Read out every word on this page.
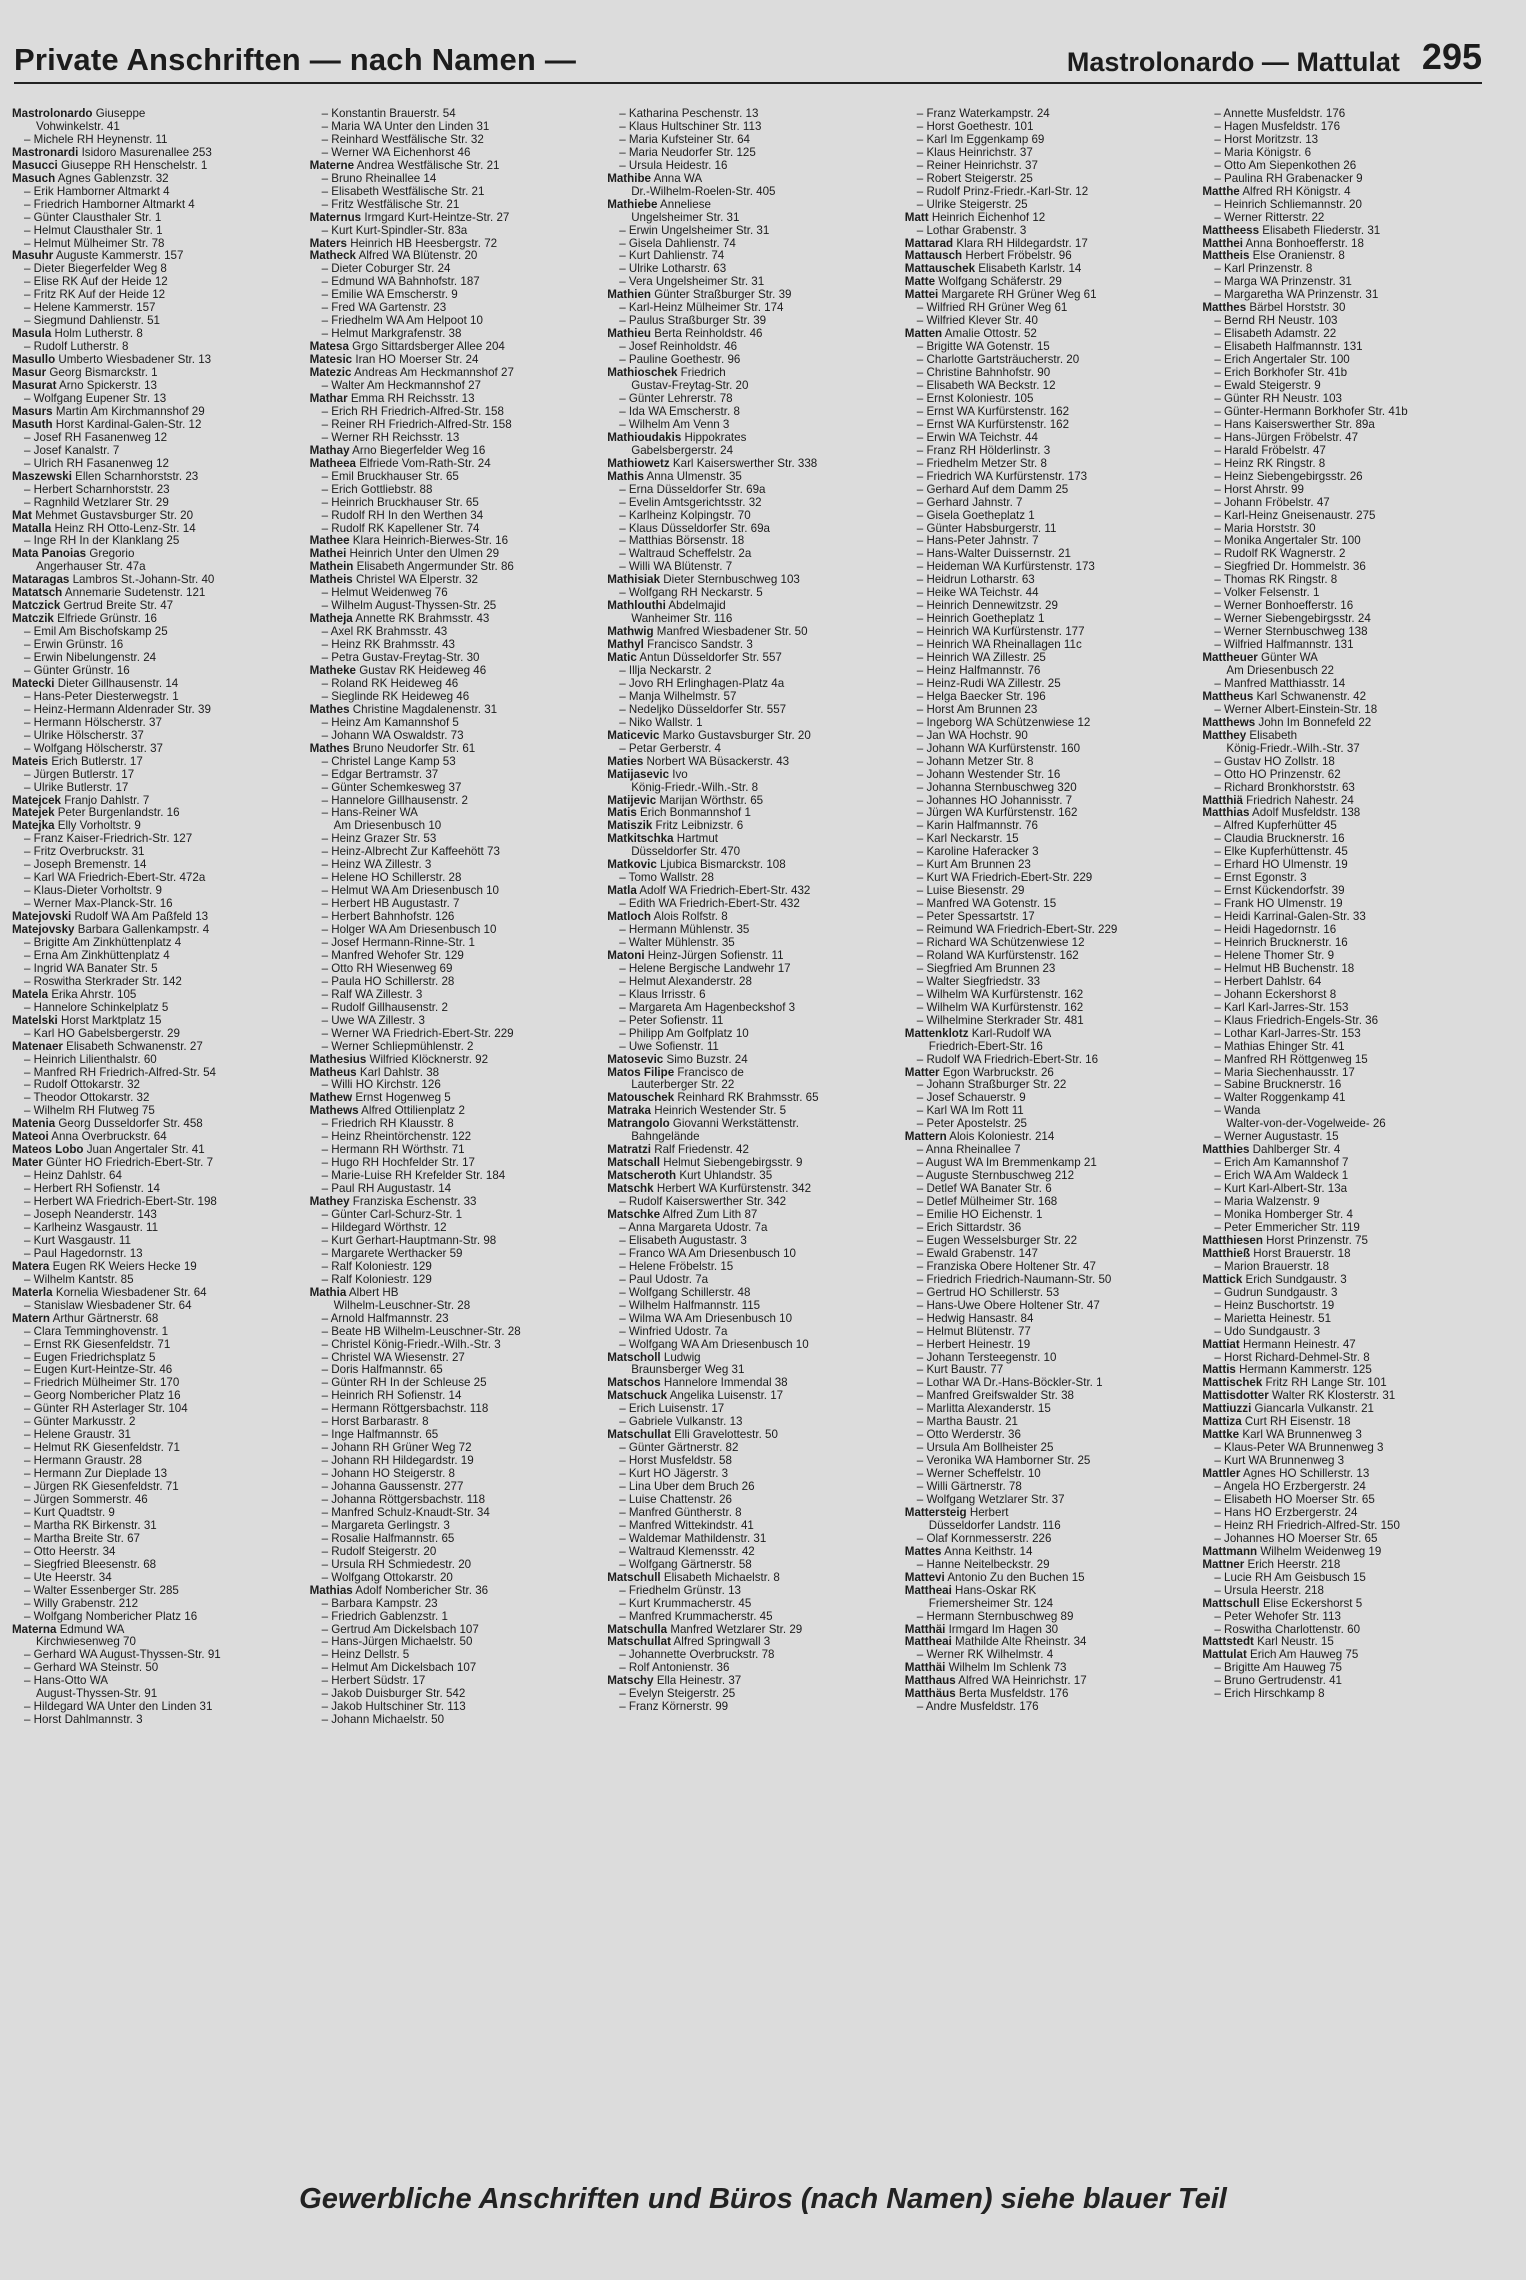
Private Anschriften — nach Namen —	Mastrolonardo — Mattulat 295
Mastrolonardo Giuseppe
Vohwinkelstr. 41
– Michele RH Heynenstr. 11
Mastronardi Isidoro Masurenallee 253
Masucci Giuseppe RH Henschelstr. 1
Masuch Agnes Gablenzstr. 32
– Erik Hamborner Altmarkt 4
– Friedrich Hamborner Altmarkt 4
– Günter Clausthaler Str. 1
– Helmut Clausthaler Str. 1
– Helmut Mülheimer Str. 78
Masuhr Auguste Kammerstr. 157
– Dieter Biegerfelder Weg 8
– Elise RK Auf der Heide 12
– Fritz RK Auf der Heide 12
– Helene Kammerstr. 157
– Siegmund Dahlienstr. 51
Masula Holm Lutherstr. 8
– Rudolf Lutherstr. 8
Masullo Umberto Wiesbadener Str. 13
Masur Georg Bismarckstr. 1
Masurat Arno Spickerstr. 13
– Wolfgang Eupener Str. 13
Masurs Martin Am Kirchmannshof 29
Masuth Horst Kardinal-Galen-Str. 12
– Josef RH Fasanenweg 12
– Josef Kanalstr. 7
– Ulrich RH Fasanenweg 12
Maszewski Ellen Scharnhorststr. 23
– Herbert Scharnhorststr. 23
– Ragnhild Wetzlarer Str. 29
Mat Mehmet Gustavsburger Str. 20
Matalla Heinz RH Otto-Lenz-Str. 14
– Inge RH In der Klanklang 25
Mata Panoias Gregorio
Angerhauser Str. 47a
Mataragas Lambros St.-Johann-Str. 40
Matatsch Annemarie Sudetenstr. 121
Matczick Gertrud Breite Str. 47
Matczik Elfriede Grünstr. 16
– Emil Am Bischofskamp 25
– Erwin Grünstr. 16
– Erwin Nibelungenstr. 24
– Günter Grünstr. 16
Matecki Dieter Gillhausenstr. 14
– Hans-Peter Diesterwegstr. 1
– Heinz-Hermann Aldenrader Str. 39
– Hermann Hölscherstr. 37
– Ulrike Hölscherstr. 37
– Wolfgang Hölscherstr. 37
Mateis Erich Butlerstr. 17
– Jürgen Butlerstr. 17
– Ulrike Butlerstr. 17
Matejcek Franjo Dahlstr. 7
Matejek Peter Burgenlandstr. 16
Matejka Elly Vorholtstr. 9
– Franz Kaiser-Friedrich-Str. 127
– Fritz Overbruckstr. 31
– Joseph Bremenstr. 14
– Karl WA Friedrich-Ebert-Str. 472a
– Klaus-Dieter Vorholtstr. 9
– Werner Max-Planck-Str. 16
Matejovski Rudolf WA Am Paßfeld 13
Matejovsky Barbara Gallenkampstr. 4
– Brigitte Am Zinkhüttenplatz 4
– Erna Am Zinkhüttenplatz 4
– Ingrid WA Banater Str. 5
– Roswitha Sterkrader Str. 142
Matela Erika Ahrstr. 105
– Hannelore Schinkelplatz 5
Matelski Horst Marktplatz 15
– Karl HO Gabelsbergerstr. 29
Matenaer Elisabeth Schwanenstr. 27
– Heinrich Lilienthalstr. 60
– Manfred RH Friedrich-Alfred-Str. 54
– Rudolf Ottokarstr. 32
– Theodor Ottokarstr. 32
– Wilhelm RH Flutweg 75
Matenia Georg Dusseldorfer Str. 458
Mateoi Anna Overbruckstr. 64
Mateos Lobo Juan Angertaler Str. 41
Mater Günter HO Friedrich-Ebert-Str. 7
– Heinz Dahlstr. 64
– Herbert RH Sofienstr. 14
– Herbert WA Friedrich-Ebert-Str. 198
– Joseph Neanderstr. 143
– Karlheinz Wasgaustr. 11
– Kurt Wasgaustr. 11
– Paul Hagedornstr. 13
Matera Eugen RK Weiers Hecke 19
– Wilhelm Kantstr. 85
Materla Kornelia Wiesbadener Str. 64
– Stanislaw Wiesbadener Str. 64
Matern Arthur Gärtnerstr. 68
– Clara Temminghovenstr. 1
– Ernst RK Giesenfeldstr. 71
– Eugen Friedrichsplatz 5
– Eugen Kurt-Heintze-Str. 46
– Friedrich Mülheimer Str. 170
– Georg Nombericher Platz 16
– Günter RH Asterlager Str. 104
– Günter Markusstr. 2
– Helene Graustr. 31
– Helmut RK Giesenfeldstr. 71
– Hermann Graustr. 28
– Hermann Zur Dieplade 13
– Jürgen RK Giesenfeldstr. 71
– Jürgen Sommerstr. 46
– Kurt Quadtstr. 9
– Martha RK Birkenstr. 31
– Martha Breite Str. 67
– Otto Heerstr. 34
– Siegfried Bleesenstr. 68
– Ute Heerstr. 34
– Walter Essenberger Str. 285
– Willy Grabenstr. 212
– Wolfgang Nombericher Platz 16
Materna Edmund WA
Kirchwiesenweg 70
– Gerhard WA August-Thyssen-Str. 91
– Gerhard WA Steinstr. 50
– Hans-Otto WA
August-Thyssen-Str. 91
– Hildegard WA Unter den Linden 31
– Horst Dahlmannstr. 3
– Konstantin Brauerstr. 54
– Maria WA Unter den Linden 31
– Reinhard Westfälische Str. 32
– Werner WA Eichenhorst 46
Materne Andrea Westfälische Str. 21
– Bruno Rheinallee 14
– Elisabeth Westfälische Str. 21
– Fritz Westfälische Str. 21
Maternus Irmgard Kurt-Heintze-Str. 27
– Kurt Kurt-Spindler-Str. 83a
Maters Heinrich HB Heesbergstr. 72
Matheck Alfred WA Blütenstr. 20
– Dieter Coburger Str. 24
– Edmund WA Bahnhofstr. 187
– Emilie WA Emscherstr. 9
– Fred WA Gartenstr. 23
– Friedhelm WA Am Helpoot 10
– Helmut Markgrafenstr. 38
Matesa Grgo Sittardsberger Allee 204
Matesic Iran HO Moerser Str. 24
Matezic Andreas Am Heckmannshof 27
– Walter Am Heckmannshof 27
Mathar Emma RH Reichsstr. 13
– Erich RH Friedrich-Alfred-Str. 158
– Reiner RH Friedrich-Alfred-Str. 158
– Werner RH Reichsstr. 13
Mathay Arno Biegerfelder Weg 16
Matheea Elfriede Vom-Rath-Str. 24
– Emil Bruckhauser Str. 65
– Erich Gottliebstr. 88
– Heinrich Bruckhauser Str. 65
– Rudolf RH In den Werthen 34
– Rudolf RK Kapellener Str. 74
Mathee Klara Heinrich-Bierwes-Str. 16
Mathei Heinrich Unter den Ulmen 29
Mathein Elisabeth Angermunder Str. 86
Matheis Christel WA Elperstr. 32
– Helmut Weidenweg 76
– Wilhelm August-Thyssen-Str. 25
Matheja Annette RK Brahmsstr. 43
– Axel RK Brahmsstr. 43
– Heinz RK Brahmsstr. 43
– Petra Gustav-Freytag-Str. 30
Matheke Gustav RK Heideweg 46
– Roland RK Heideweg 46
– Sieglinde RK Heideweg 46
Mathes Christine Magdalenenstr. 31
– Heinz Am Kamannshof 5
– Johann WA Oswaldstr. 73
Mathes Bruno Neudorfer Str. 61
– Christel Lange Kamp 53
– Edgar Bertramstr. 37
– Günter Schemkesweg 37
– Hannelore Gillhausenstr. 2
– Hans-Reiner WA
Am Driesenbusch 10
– Heinz Grazer Str. 53
– Heinz-Albrecht Zur Kaffeehött 73
– Heinz WA Zillestr. 3
– Helene HO Schillerstr. 28
– Helmut WA Am Driesenbusch 10
– Herbert HB Augustastr. 7
– Herbert Bahnhofstr. 126
– Holger WA Am Driesenbusch 10
– Josef Hermann-Rinne-Str. 1
– Manfred Wehofer Str. 129
– Otto RH Wiesenweg 69
– Paula HO Schillerstr. 28
– Ralf WA Zillestr. 3
– Rudolf Gillhausenstr. 2
– Uwe WA Zillestr. 3
– Werner WA Friedrich-Ebert-Str. 229
– Werner Schliepmühlenstr. 2
Mathesius Wilfried Klöcknerstr. 92
Matheus Karl Dahlstr. 38
– Willi HO Kirchstr. 126
Mathew Ernst Hogenweg 5
Mathews Alfred Ottilienplatz 2
– Friedrich RH Klausstr. 8
– Heinz Rheintörchenstr. 122
– Hermann RH Wörthstr. 71
– Hugo RH Hochfelder Str. 17
– Marie-Luise RH Krefelder Str. 184
– Paul RH Augustastr. 14
Mathey Franziska Eschenstr. 33
– Günter Carl-Schurz-Str. 1
– Hildegard Wörthstr. 12
– Kurt Gerhart-Hauptmann-Str. 98
– Margarete Werthacker 59
– Ralf Koloniestr. 129
– Ralf Koloniestr. 129
Mathia Albert HB
Wilhelm-Leuschner-Str. 28
– Arnold Halfmannstr. 23
– Beate HB Wilhelm-Leuschner-Str. 28
– Christel König-Friedr.-Wilh.-Str. 3
– Christel WA Wiesenstr. 27
– Doris Halfmannstr. 65
– Günter RH In der Schleuse 25
– Heinrich RH Sofienstr. 14
– Hermann Röttgersbachstr. 118
– Horst Barbarastr. 8
– Inge Halfmannstr. 65
– Johann RH Grüner Weg 72
– Johann RH Hildegardstr. 19
– Johann HO Steigerstr. 8
– Johanna Gaussenstr. 277
– Johanna Röttgersbachstr. 118
– Manfred Schulz-Knaudt-Str. 34
– Margareta Gerlingstr. 3
– Rosalie Halfmannstr. 65
– Rudolf Steigerstr. 20
– Ursula RH Schmiedestr. 20
– Wolfgang Ottokarstr. 20
Mathias Adolf Nombericher Str. 36
– Barbara Kampstr. 23
– Friedrich Gablenzstr. 1
– Gertrud Am Dickelsbach 107
– Hans-Jürgen Michaelstr. 50
– Heinz Dellstr. 5
– Helmut Am Dickelsbach 107
– Herbert Südstr. 17
– Jakob Duisburger Str. 542
– Jakob Hultschiner Str. 113
– Johann Michaelstr. 50
– Katharina Peschenstr. 13
– Klaus Hultschiner Str. 113
– Maria Kufsteiner Str. 64
– Maria Neudorfer Str. 125
– Ursula Heidestr. 16
Mathibe Anna WA
Dr.-Wilhelm-Roelen-Str. 405
Mathiebe Anneliese
Ungelsheimer Str. 31
– Erwin Ungelsheimer Str. 31
– Gisela Dahlienstr. 74
– Kurt Dahlienstr. 74
– Ulrike Lotharstr. 63
– Vera Ungelsheimer Str. 31
Mathien Günter Straßburger Str. 39
– Karl-Heinz Mülheimer Str. 174
– Paulus Straßburger Str. 39
Mathieu Berta Reinholdstr. 46
– Josef Reinholdstr. 46
– Pauline Goethestr. 96
Mathioschek Friedrich
Gustav-Freytag-Str. 20
– Günter Lehrerstr. 78
– Ida WA Emscherstr. 8
– Wilhelm Am Venn 3
Mathioudakis Hippokrates
Gabelsbergerstr. 24
Mathiowetz Karl Kaiserswerther Str. 338
Mathis Anna Ulmenstr. 35
– Erna Düsseldorfer Str. 69a
– Evelin Amtsgerichtsstr. 32
– Karlheinz Kolpingstr. 70
– Klaus Düsseldorfer Str. 69a
– Matthias Börsenstr. 18
– Waltraud Scheffelstr. 2a
– Willi WA Blütenstr. 7
Mathisiak Dieter Sternbuschweg 103
– Wolfgang RH Neckarstr. 5
Mathlouthi Abdelmajid
Wanheimer Str. 116
Mathwig Manfred Wiesbadener Str. 50
Mathyl Francisco Sandstr. 3
Matic Antun Düsseldorfer Str. 557
– Illja Neckarstr. 2
– Jovo RH Erlinghagen-Platz 4a
– Manja Wilhelmstr. 57
– Nedeljko Düsseldorfer Str. 557
– Niko Wallstr. 1
Maticevic Marko Gustavsburger Str. 20
– Petar Gerberstr. 4
Maties Norbert WA Büsackerstr. 43
Matijasevic Ivo
König-Friedr.-Wilh.-Str. 8
Matijevic Marijan Wörthstr. 65
Matis Erich Bonmannshof 1
Matiszik Fritz Leibnizstr. 6
Matkitschka Hartmut
Düsseldorfer Str. 470
Matkovic Ljubica Bismarckstr. 108
– Tomo Wallstr. 28
Matla Adolf WA Friedrich-Ebert-Str. 432
– Edith WA Friedrich-Ebert-Str. 432
Matloch Alois Rolfstr. 8
– Hermann Mühlenstr. 35
– Walter Mühlenstr. 35
Matoni Heinz-Jürgen Sofienstr. 11
– Helene Bergische Landwehr 17
– Helmut Alexanderstr. 28
– Klaus Irrisstr. 6
– Margareta Am Hagenbeckshof 3
– Peter Sofienstr. 11
– Philipp Am Golfplatz 10
– Uwe Sofienstr. 11
Matosevic Simo Buzstr. 24
Matos Filipe Francisco de
Lauterberger Str. 22
Matouschek Reinhard RK Brahmsstr. 65
Matraka Heinrich Westender Str. 5
Matrangolo Giovanni Werkstättenstr.
Bahngelände
Matratzi Ralf Friedenstr. 42
Matschall Helmut Siebengebirgsstr. 9
Matscheroth Kurt Uhlandstr. 35
Matschk Herbert WA Kurfürstenstr. 342
– Rudolf Kaiserswerther Str. 342
Matschke Alfred Zum Lith 87
– Anna Margareta Udostr. 7a
– Elisabeth Augustastr. 3
– Franco WA Am Driesenbusch 10
– Helene Fröbelstr. 15
– Paul Udostr. 7a
– Wolfgang Schillerstr. 48
– Wilhelm Halfmannstr. 115
– Wilma WA Am Driesenbusch 10
– Winfried Udostr. 7a
– Wolfgang WA Am Driesenbusch 10
Matscholl Ludwig
Braunsberger Weg 31
Matschos Hannelore Immendal 38
Matschuck Angelika Luisenstr. 17
– Erich Luisenstr. 17
– Gabriele Vulkanstr. 13
Matschullat Elli Gravelottestr. 50
– Günter Gärtnerstr. 82
– Horst Musfeldstr. 58
– Kurt HO Jägerstr. 3
– Lina Über dem Bruch 26
– Luise Chattenstr. 26
– Manfred Güntherstr. 8
– Manfred Wittekindstr. 41
– Waldemar Mathildenstr. 31
– Waltraud Klemensstr. 42
– Wolfgang Gärtnerstr. 58
Matschull Elisabeth Michaelstr. 8
– Friedhelm Grünstr. 13
– Kurt Krummacherstr. 45
– Manfred Krummacherstr. 45
Matschulla Manfred Wetzlarer Str. 29
Matschullat Alfred Springwall 3
– Johannette Overbruckstr. 78
– Rolf Antonienstr. 36
Matschy Ella Heinestr. 37
– Evelyn Steigerstr. 25
– Franz Körnerstr. 99
– Franz Waterkampstr. 24
– Horst Goethestr. 101
– Karl Im Eggenkamp 69
– Klaus Heinrichstr. 37
– Reiner Heinrichstr. 37
– Robert Steigerstr. 25
– Rudolf Prinz-Friedr.-Karl-Str. 12
– Ulrike Steigerstr. 25
Matt Heinrich Eichenhof 12
– Lothar Grabenstr. 3
Mattarad Klara RH Hildegardstr. 17
Mattausch Herbert Fröbelstr. 96
Mattauschek Elisabeth Karlstr. 14
Matte Wolfgang Schäferstr. 29
Mattei Margarete RH Grüner Weg 61
– Wilfried RH Grüner Weg 61
– Wilfried Klever Str. 40
Matten Amalie Ottostr. 52
– Brigitte WA Gotenstr. 15
– Charlotte Gartsträucherstr. 20
– Christine Bahnhofstr. 90
– Elisabeth WA Beckstr. 12
– Ernst Koloniestr. 105
– Ernst WA Kurfürstenstr. 162
– Ernst WA Kurfürstenstr. 162
– Erwin WA Teichstr. 44
– Franz RH Hölderlinstr. 3
– Friedhelm Metzer Str. 8
– Friedrich WA Kurfürstenstr. 173
– Gerhard Auf dem Damm 25
– Gerhard Jahnstr. 7
– Gisela Goetheplatz 1
– Günter Habsburgerstr. 11
– Hans-Peter Jahnstr. 7
– Hans-Walter Duissernstr. 21
– Heideman WA Kurfürstenstr. 173
– Heidrun Lotharstr. 63
– Heike WA Teichstr. 44
– Heinrich Dennewitzstr. 29
– Heinrich Goetheplatz 1
– Heinrich WA Kurfürstenstr. 177
– Heinrich WA Rheinallagen 11c
– Heinrich WA Zillestr. 25
– Heinz Halfmannstr. 76
– Heinz-Rudi WA Zillestr. 25
– Helga Baecker Str. 196
– Horst Am Brunnen 23
– Ingeborg WA Schützenwiese 12
– Jan WA Hochstr. 90
– Johann WA Kurfürstenstr. 160
– Johann Metzer Str. 8
– Johann Westender Str. 16
– Johanna Sternbuschweg 320
– Johannes HO Johannisstr. 7
– Jürgen WA Kurfürstenstr. 162
– Karin Halfmannstr. 76
– Karl Neckarstr. 15
– Karoline Haferacker 3
– Kurt Am Brunnen 23
– Kurt WA Friedrich-Ebert-Str. 229
– Luise Biesenstr. 29
– Manfred WA Gotenstr. 15
– Peter Spessartstr. 17
– Reimund WA Friedrich-Ebert-Str. 229
– Richard WA Schützenwiese 12
– Roland WA Kurfürstenstr. 162
– Siegfried Am Brunnen 23
– Walter Siegfriedstr. 33
– Wilhelm WA Kurfürstenstr. 162
– Wilhelm WA Kurfürstenstr. 162
– Wilhelmine Sterkrader Str. 481
Mattenklotz Karl-Rudolf WA
Friedrich-Ebert-Str. 16
– Rudolf WA Friedrich-Ebert-Str. 16
Matter Egon Warbruckstr. 26
– Johann Straßburger Str. 22
– Josef Schauerstr. 9
– Karl WA Im Rott 11
– Peter Apostelstr. 25
Mattern Alois Koloniestr. 214
– Anna Rheinallee 7
– August WA Im Bremmenkamp 21
– Auguste Sternbuschweg 212
– Detlef WA Banater Str. 6
– Detlef Mülheimer Str. 168
– Emilie HO Eichenstr. 1
– Erich Sittardstr. 36
– Eugen Wesselsburger Str. 22
– Ewald Grabenstr. 147
– Franziska Obere Holtener Str. 47
– Friedrich Friedrich-Naumann-Str. 50
– Gertrud HO Schillerstr. 53
– Hans-Uwe Obere Holtener Str. 47
– Hedwig Hansastr. 84
– Helmut Blütenstr. 77
– Herbert Heinestr. 19
– Johann Tersteegenstr. 10
– Kurt Baustr. 77
– Lothar WA Dr.-Hans-Böckler-Str. 1
– Manfred Greifswalder Str. 38
– Marlitta Alexanderstr. 15
– Martha Baustr. 21
– Otto Werderstr. 36
– Ursula Am Bollheister 25
– Veronika WA Hamborner Str. 25
– Werner Scheffelstr. 10
– Willi Gärtnerstr. 78
– Wolfgang Wetzlarer Str. 37
Mattersteig Herbert
Düsseldorfer Landstr. 116
– Olaf Kornmesserstr. 226
Mattes Anna Keithstr. 14
– Hanne Neitelbeckstr. 29
Mattevi Antonio Zu den Buchen 15
Mattheai Hans-Oskar RK
Friemersheimer Str. 124
– Hermann Sternbuschweg 89
Matthäi Irmgard Im Hagen 30
Mattheai Mathilde Alte Rheinstr. 34
– Werner RK Wilhelmstr. 4
Matthäi Wilhelm Im Schlenk 73
Matthaus Alfred WA Heinrichstr. 17
Matthäus Berta Musfeldstr. 176
– Andre Musfeldstr. 176
– Annette Musfeldstr. 176
– Hagen Musfeldstr. 176
– Horst Moritzstr. 13
– Maria Königstr. 6
– Otto Am Siepenkothen 26
– Paulina RH Grabenacker 9
Matthe Alfred RH Königstr. 4
– Heinrich Schliemannstr. 20
– Werner Ritterstr. 22
Mattheess Elisabeth Fliederstr. 31
Matthei Anna Bonhoefferstr. 18
Mattheis Else Oranienstr. 8
– Karl Prinzenstr. 8
– Marga WA Prinzenstr. 31
– Margaretha WA Prinzenstr. 31
Matthes Bärbel Horststr. 30
– Bernd RH Neustr. 103
– Elisabeth Adamstr. 22
– Elisabeth Halfmannstr. 131
– Erich Angertaler Str. 100
– Erich Borkhofer Str. 41b
– Ewald Steigerstr. 9
– Günter RH Neustr. 103
– Günter-Hermann Borkhofer Str. 41b
– Hans Kaiserswerther Str. 89a
– Hans-Jürgen Fröbelstr. 47
– Harald Fröbelstr. 47
– Heinz RK Ringstr. 8
– Heinz Siebengebirgsstr. 26
– Horst Ahrstr. 99
– Johann Fröbelstr. 47
– Karl-Heinz Gneisenaustr. 275
– Maria Horststr. 30
– Monika Angertaler Str. 100
– Rudolf RK Wagnerstr. 2
– Siegfried Dr. Hommelstr. 36
– Thomas RK Ringstr. 8
– Volker Felsenstr. 1
– Werner Bonhoefferstr. 16
– Werner Siebengebirgsstr. 24
– Werner Sternbuschweg 138
– Wilfried Halfmannstr. 131
Mattheuer Günter WA
Am Driesenbusch 22
– Manfred Matthiasstr. 14
Mattheus Karl Schwanenstr. 42
– Werner Albert-Einstein-Str. 18
Matthews John Im Bonnefeld 22
Matthey Elisabeth
König-Friedr.-Wilh.-Str. 37
– Gustav HO Zollstr. 18
– Otto HO Prinzenstr. 62
– Richard Bronkhorststr. 63
Matthiä Friedrich Nahestr. 24
Matthias Adolf Musfeldstr. 138
– Alfred Kupferhütter 45
– Claudia Brucknerstr. 16
– Elke Kupferhüttenstr. 45
– Erhard HO Ulmenstr. 19
– Ernst Egonstr. 3
– Ernst Kückendorfstr. 39
– Frank HO Ulmenstr. 19
– Heidi Karrinal-Galen-Str. 33
– Heidi Hagedornstr. 16
– Heinrich Brucknerstr. 16
– Helene Thomer Str. 9
– Helmut HB Buchenstr. 18
– Herbert Dahlstr. 64
– Johann Eckershorst 8
– Karl Karl-Jarres-Str. 153
– Klaus Friedrich-Engels-Str. 36
– Lothar Karl-Jarres-Str. 153
– Mathias Ehinger Str. 41
– Manfred RH Röttgenweg 15
– Maria Siechenhausstr. 17
– Sabine Brucknerstr. 16
– Walter Roggenkamp 41
– Wanda
Walter-von-der-Vogelweide- 26
– Werner Augustastr. 15
Matthies Dahlberger Str. 4
– Erich Am Kamannshof 7
– Erich WA Am Waldeck 1
– Kurt Karl-Albert-Str. 13a
– Maria Walzenstr. 9
– Monika Homberger Str. 4
– Peter Emmericher Str. 119
Matthiesen Horst Prinzenstr. 75
Matthieß Horst Brauerstr. 18
– Marion Brauerstr. 18
Mattick Erich Sundgaustr. 3
– Gudrun Sundgaustr. 3
– Heinz Buschortstr. 19
– Marietta Heinestr. 51
– Udo Sundgaustr. 3
Mattiat Hermann Heinestr. 47
– Horst Richard-Dehmel-Str. 8
Mattis Hermann Kammerstr. 125
Mattischek Fritz RH Lange Str. 101
Mattisdotter Walter RK Klosterstr. 31
Mattiuzzi Giancarla Vulkanstr. 21
Mattiza Curt RH Eisenstr. 18
Mattke Karl WA Brunnenweg 3
– Klaus-Peter WA Brunnenweg 3
– Kurt WA Brunnenweg 3
Mattler Agnes HO Schillerstr. 13
– Angela HO Erzbergerstr. 24
– Elisabeth HO Moerser Str. 65
– Hans HO Erzbergerstr. 24
– Heinz RH Friedrich-Alfred-Str. 150
– Johannes HO Moerser Str. 65
Mattmann Wilhelm Weidenweg 19
Mattner Erich Heerstr. 218
– Lucie RH Am Geisbusch 15
– Ursula Heerstr. 218
Mattschull Elise Eckershorst 5
– Peter Wehofer Str. 113
– Roswitha Charlottenstr. 60
Mattstedt Karl Neustr. 15
Mattulat Erich Am Hauweg 75
– Brigitte Am Hauweg 75
– Bruno Gertrudenstr. 41
– Erich Hirschkamp 8
Gewerbliche Anschriften und Büros (nach Namen) siehe blauer Teil
